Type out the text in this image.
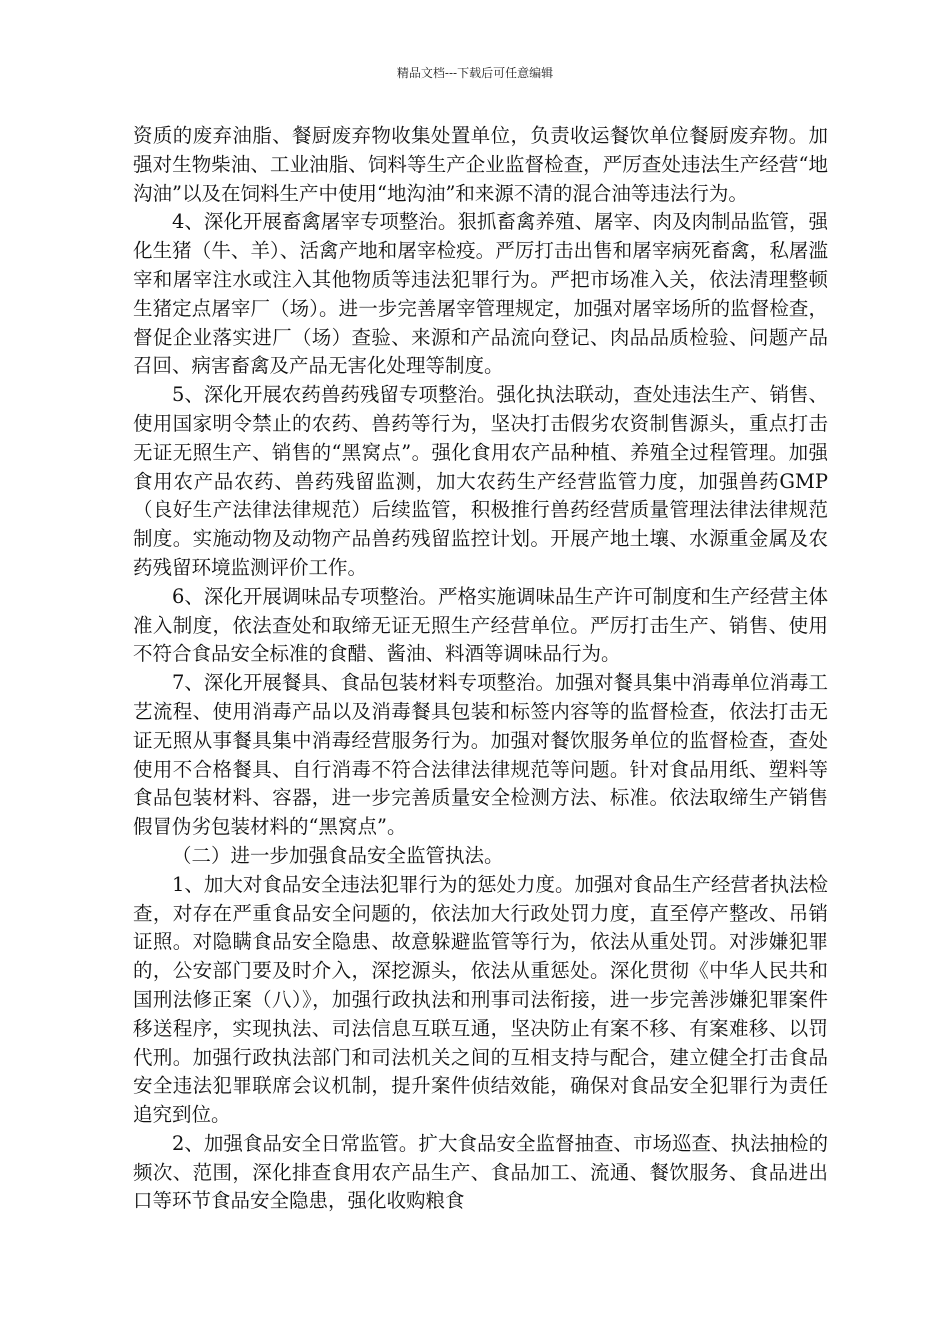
精品文档---下载后可任意编辑

资质的废弃油脂、餐厨废弃物收集处置单位，负责收运餐饮单位餐厨废弃物。加强对生物柴油、工业油脂、饲料等生产企业监督检查，严厉查处违法生产经营“地沟油”以及在饲料生产中使用“地沟油”和来源不清的混合油等违法行为。

4、深化开展畜禽屠宰专项整治。狠抓畜禽养殖、屠宰、肉及肉制品监管，强化生猪（牛、羊）、活禽产地和屠宰检疫。严厉打击出售和屠宰病死畜禽，私屠滥宰和屠宰注水或注入其他物质等违法犯罪行为。严把市场准入关，依法清理整顿生猪定点屠宰厂（场）。进一步完善屠宰管理规定，加强对屠宰场所的监督检查，督促企业落实进厂（场）查验、来源和产品流向登记、肉品品质检验、问题产品召回、病害畜禽及产品无害化处理等制度。

5、深化开展农药兽药残留专项整治。强化执法联动，查处违法生产、销售、使用国家明令禁止的农药、兽药等行为，坚决打击假劣农资制售源头，重点打击无证无照生产、销售的“黑窝点”。强化食用农产品种植、养殖全过程管理。加强食用农产品农药、兽药残留监测，加大农药生产经营监管力度，加强兽药GMP（良好生产法律法律规范）后续监管，积极推行兽药经营质量管理法律法律规范制度。实施动物及动物产品兽药残留监控计划。开展产地土壤、水源重金属及农药残留环境监测评价工作。

6、深化开展调味品专项整治。严格实施调味品生产许可制度和生产经营主体准入制度，依法查处和取缔无证无照生产经营单位。严厉打击生产、销售、使用不符合食品安全标准的食醋、酱油、料酒等调味品行为。

7、深化开展餐具、食品包装材料专项整治。加强对餐具集中消毒单位消毒工艺流程、使用消毒产品以及消毒餐具包装和标签内容等的监督检查，依法打击无证无照从事餐具集中消毒经营服务行为。加强对餐饮服务单位的监督检查，查处使用不合格餐具、自行消毒不符合法律法律规范等问题。针对食品用纸、塑料等食品包装材料、容器，进一步完善质量安全检测方法、标准。依法取缔生产销售假冒伪劣包装材料的“黑窝点”。

（二）进一步加强食品安全监管执法。

1、加大对食品安全违法犯罪行为的惩处力度。加强对食品生产经营者执法检查，对存在严重食品安全问题的，依法加大行政处罚力度，直至停产整改、吊销证照。对隐瞒食品安全隐患、故意躲避监管等行为，依法从重处罚。对涉嫌犯罪的，公安部门要及时介入，深挖源头，依法从重惩处。深化贯彻《中华人民共和国刑法修正案（八）》，加强行政执法和刑事司法衔接，进一步完善涉嫌犯罪案件移送程序，实现执法、司法信息互联互通，坚决防止有案不移、有案难移、以罚代刑。加强行政执法部门和司法机关之间的互相支持与配合，建立健全打击食品安全违法犯罪联席会议机制，提升案件侦结效能，确保对食品安全犯罪行为责任追究到位。

2、加强食品安全日常监管。扩大食品安全监督抽查、市场巡查、执法抽检的频次、范围，深化排查食用农产品生产、食品加工、流通、餐饮服务、食品进出口等环节食品安全隐患，强化收购粮食
